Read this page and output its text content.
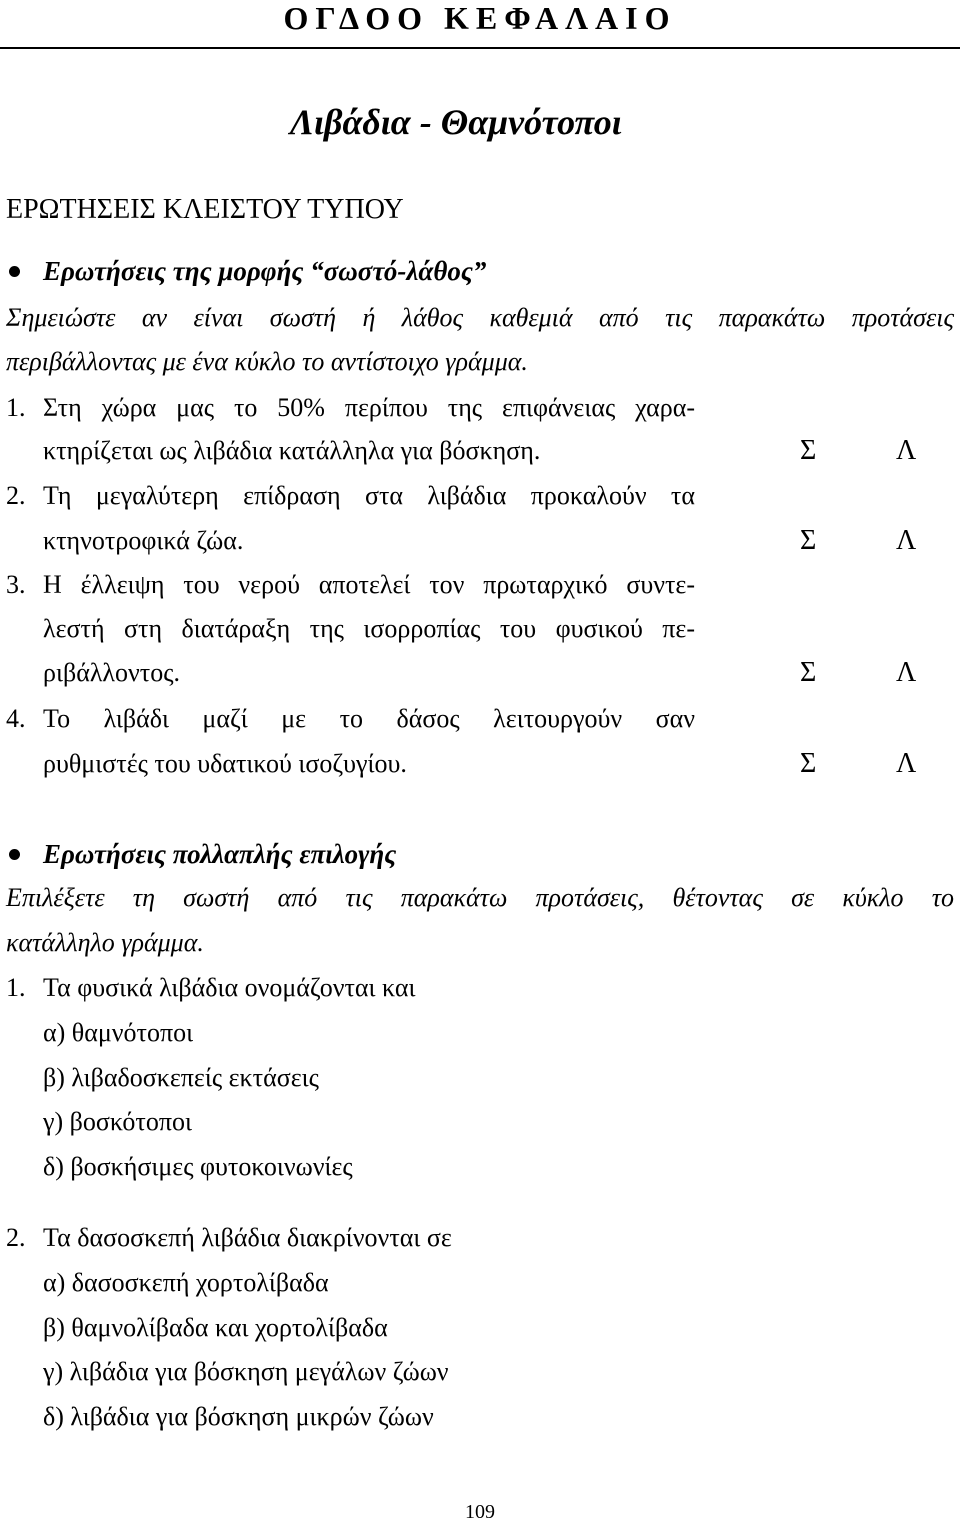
ΟΓΔΟΟ ΚΕΦΑΛΑΙΟ
Λιβάδια - Θαμνότοποι
ΕΡΩΤΗΣΕΙΣ ΚΛΕΙΣΤΟΥ ΤΥΠΟΥ
Ερωτήσεις της μορφής “σωστό-λάθος”
Σημειώστε αν είναι σωστή ή λάθος καθεμιά από τις παρακάτω προτάσεις
περιβάλλοντας με ένα κύκλο το αντίστοιχο γράμμα.
1. Στη χώρα μας το 50% περίπου της επιφάνειας χαρα-
κτηρίζεται ως λιβάδια κατάλληλα για βόσκηση.	Σ	Λ
2. Τη μεγαλύτερη επίδραση στα λιβάδια προκαλούν τα
κτηνοτροφικά ζώα.	Σ	Λ
3. Η έλλειψη του νερού αποτελεί τον πρωταρχικό συντε-
λεστή στη διατάραξη της ισορροπίας του φυσικού πε-
ριβάλλοντος.	Σ	Λ
4. Το λιβάδι μαζί με το δάσος λειτουργούν σαν
ρυθμιστές του υδατικού ισοζυγίου.	Σ	Λ
Ερωτήσεις πολλαπλής επιλογής
Επιλέξετε τη σωστή από τις παρακάτω προτάσεις, θέτοντας σε κύκλο το
κατάλληλο γράμμα.
1. Τα φυσικά λιβάδια ονομάζονται και
α) θαμνότοποι
β) λιβαδοσκεπείς εκτάσεις
γ) βοσκότοποι
δ) βοσκήσιμες φυτοκοινωνίες
2. Τα δασοσκεπή λιβάδια διακρίνονται σε
α) δασοσκεπή χορτολίβαδα
β) θαμνολίβαδα και χορτολίβαδα
γ) λιβάδια για βόσκηση μεγάλων ζώων
δ) λιβάδια για βόσκηση μικρών ζώων
109
